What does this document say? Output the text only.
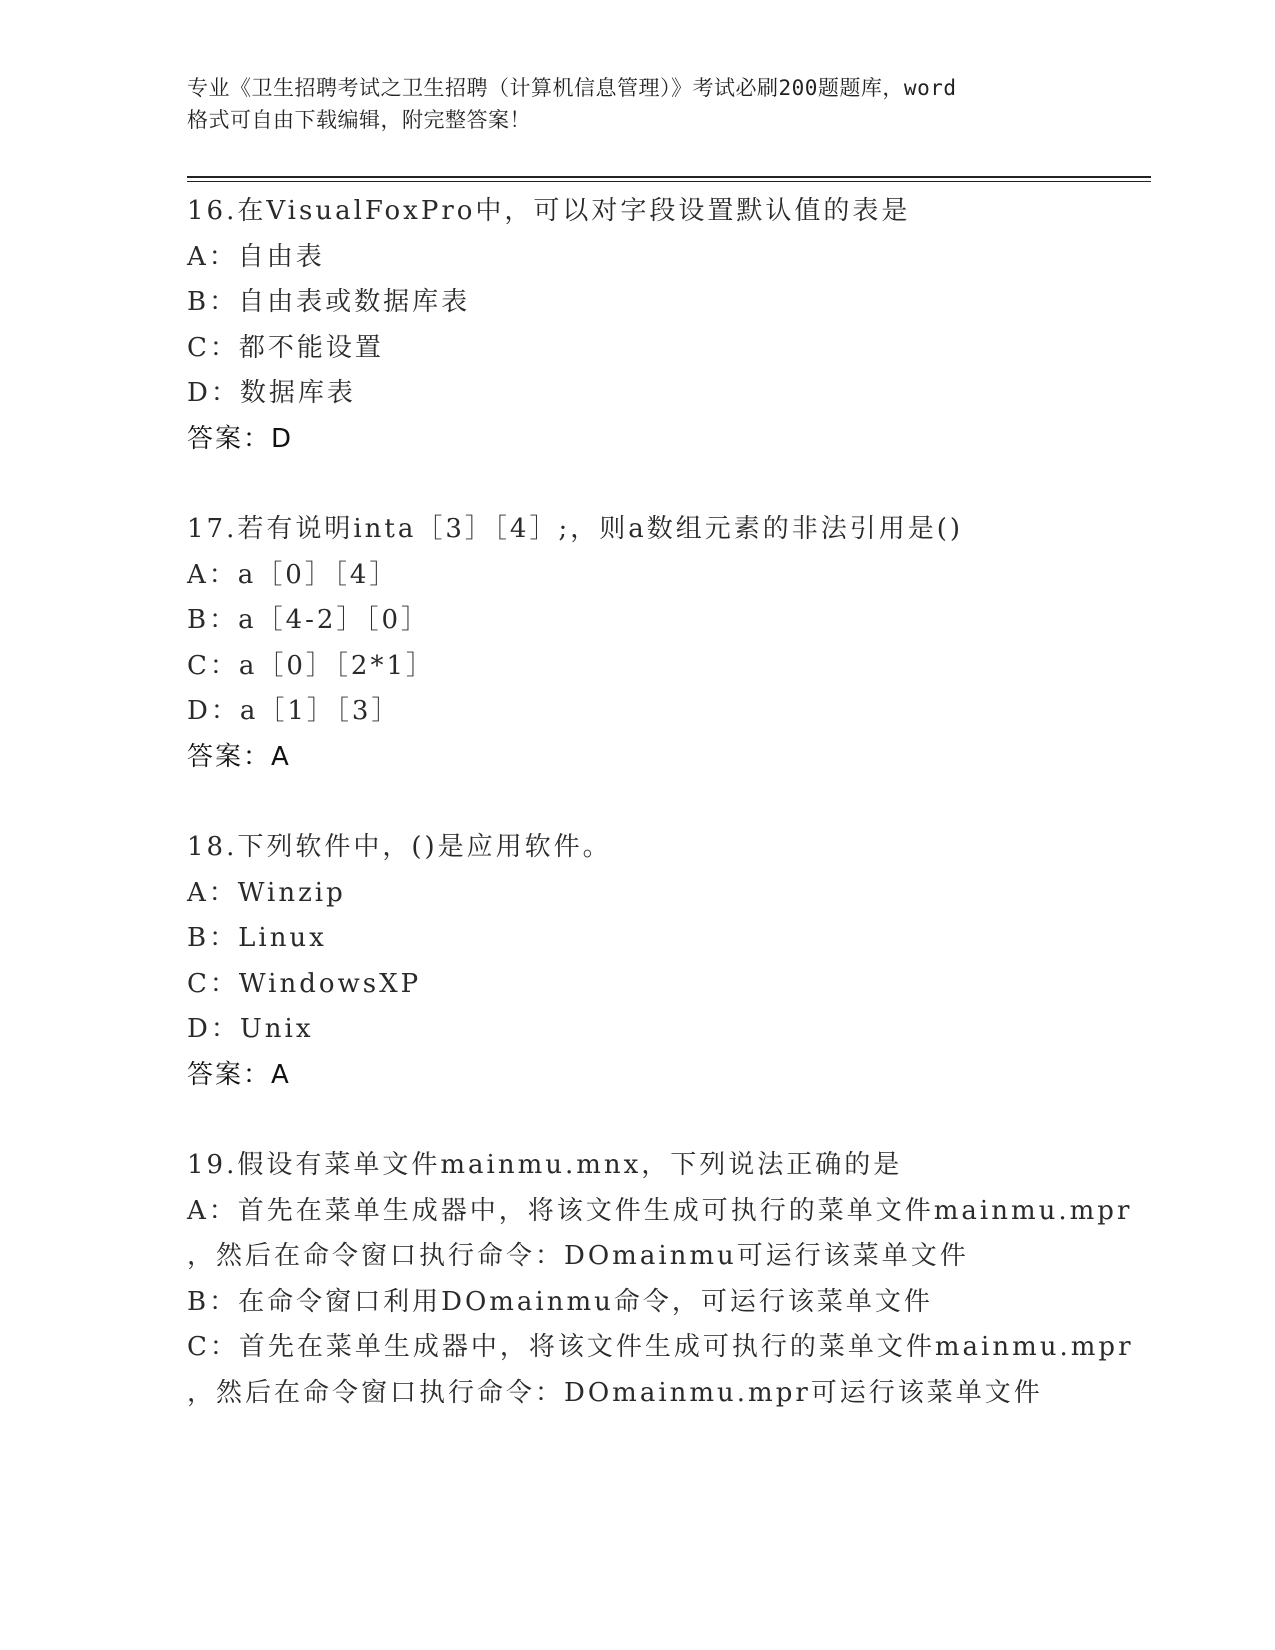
专业《卫生招聘考试之卫生招聘（计算机信息管理）》考试必刷200题题库，word
格式可自由下载编辑，附完整答案！
16.在VisualFoxPro中，可以对字段设置默认值的表是
A：自由表
B：自由表或数据库表
C：都不能设置
D：数据库表
答案：D
17.若有说明inta［3］［4］;，则a数组元素的非法引用是()
A：a［0］［4］
B：a［4-2］［0］
C：a［0］［2*1］
D：a［1］［3］
答案：A
18.下列软件中，()是应用软件。
A：Winzip
B：Linux
C：WindowsXP
D：Unix
答案：A
19.假设有菜单文件mainmu.mnx，下列说法正确的是
A：首先在菜单生成器中，将该文件生成可执行的菜单文件mainmu.mpr
，然后在命令窗口执行命令：DOmainmu可运行该菜单文件
B：在命令窗口利用DOmainmu命令，可运行该菜单文件
C：首先在菜单生成器中，将该文件生成可执行的菜单文件mainmu.mpr
，然后在命令窗口执行命令：DOmainmu.mpr可运行该菜单文件
